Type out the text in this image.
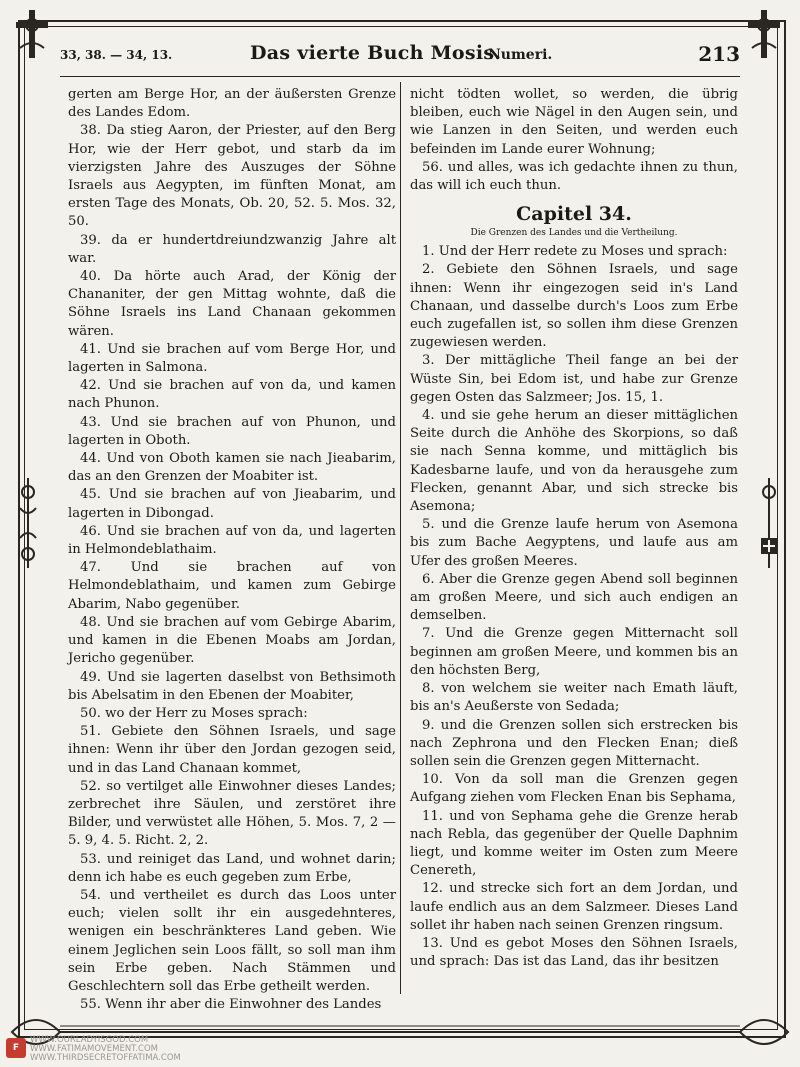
33, 38. — 34, 13.	Das vierte Buch Mosis.
Numeri.	213

gerten am Berge Hor, an der äußersten Grenze des Landes Edom.

38. Da stieg Aaron, der Priester, auf den Berg Hor, wie der Herr gebot, und starb da im vierzigsten Jahre des Auszuges der Söhne Israels aus Aegypten, im fünften Monat, am ersten Tage des Monats, Ob. 20, 52. 5. Mos. 32, 50.

39. da er hundertdreiundzwanzig Jahre alt war.

40. Da hörte auch Arad, der König der Chananiter, der gen Mittag wohnte, daß die Söhne Israels ins Land Chanaan gekommen wären.

41. Und sie brachen auf vom Berge Hor, und lagerten in Salmona.

42. Und sie brachen auf von da, und kamen nach Phunon.

43. Und sie brachen auf von Phunon, und lagerten in Oboth.

44. Und von Oboth kamen sie nach Jieabarim, das an den Grenzen der Moabiter ist.

45. Und sie brachen auf von Jieabarim, und lagerten in Dibongad.

46. Und sie brachen auf von da, und lagerten in Helmondeblathaim.

47. Und sie brachen auf von Helmondeblathaim, und kamen zum Gebirge Abarim, Nabo gegenüber.

48. Und sie brachen auf vom Gebirge Abarim, und kamen in die Ebenen Moabs am Jordan, Jericho gegenüber.

49. Und sie lagerten daselbst von Bethsimoth bis Abelsatim in den Ebenen der Moabiter,

50. wo der Herr zu Moses sprach:

51. Gebiete den Söhnen Israels, und sage ihnen: Wenn ihr über den Jordan gezogen seid, und in das Land Chanaan kommet,

52. so vertilget alle Einwohner dieses Landes; zerbrechet ihre Säulen, und zerstöret ihre Bilder, und verwüstet alle Höhen, 5. Mos. 7, 2 — 5. 9, 4. 5. Richt. 2, 2.

53. und reiniget das Land, und wohnet darin; denn ich habe es euch gegeben zum Erbe,

54. und vertheilet es durch das Loos unter euch; vielen sollt ihr ein ausgedehnteres, wenigen ein beschränkteres Land geben. Wie einem Jeglichen sein Loos fällt, so soll man ihm sein Erbe geben. Nach Stämmen und Geschlechtern soll das Erbe getheilt werden.

55. Wenn ihr aber die Einwohner des Landes

nicht tödten wollet, so werden, die übrig bleiben, euch wie Nägel in den Augen sein, und wie Lanzen in den Seiten, und werden euch befeinden im Lande eurer Wohnung;

56. und alles, was ich gedachte ihnen zu thun, das will ich euch thun.

Capitel 34.

Die Grenzen des Landes und die Vertheilung.

1. Und der Herr redete zu Moses und sprach:

2. Gebiete den Söhnen Israels, und sage ihnen: Wenn ihr eingezogen seid in's Land Chanaan, und dasselbe durch's Loos zum Erbe euch zugefallen ist, so sollen ihm diese Grenzen zugewiesen werden.

3. Der mittägliche Theil fange an bei der Wüste Sin, bei Edom ist, und habe zur Grenze gegen Osten das Salzmeer; Jos. 15, 1.

4. und sie gehe herum an dieser mittäglichen Seite durch die Anhöhe des Skorpions, so daß sie nach Senna komme, und mittäglich bis Kadesbarne laufe, und von da herausgehe zum Flecken, genannt Abar, und sich strecke bis Asemona;

5. und die Grenze laufe herum von Asemona bis zum Bache Aegyptens, und laufe aus am Ufer des großen Meeres.

6. Aber die Grenze gegen Abend soll beginnen am großen Meere, und sich auch endigen an demselben.

7. Und die Grenze gegen Mitternacht soll beginnen am großen Meere, und kommen bis an den höchsten Berg,

8. von welchem sie weiter nach Emath läuft, bis an's Aeußerste von Sedada;

9. und die Grenzen sollen sich erstrecken bis nach Zephrona und den Flecken Enan; dieß sollen sein die Grenzen gegen Mitternacht.

10. Von da soll man die Grenzen gegen Aufgang ziehen vom Flecken Enan bis Sephama,

11. und von Sephama gehe die Grenze herab nach Rebla, das gegenüber der Quelle Daphnim liegt, und komme weiter im Osten zum Meere Cenereth,

12. und strecke sich fort an dem Jordan, und laufe endlich aus an dem Salzmeer. Dieses Land sollet ihr haben nach seinen Grenzen ringsum.

13. Und es gebot Moses den Söhnen Israels, und sprach: Das ist das Land, das ihr besitzen

F
WWW.OURLADYISGOD.COM
WWW.FATIMAMOVEMENT.COM
WWW.THIRDSECRETOFFATIMA.COM
